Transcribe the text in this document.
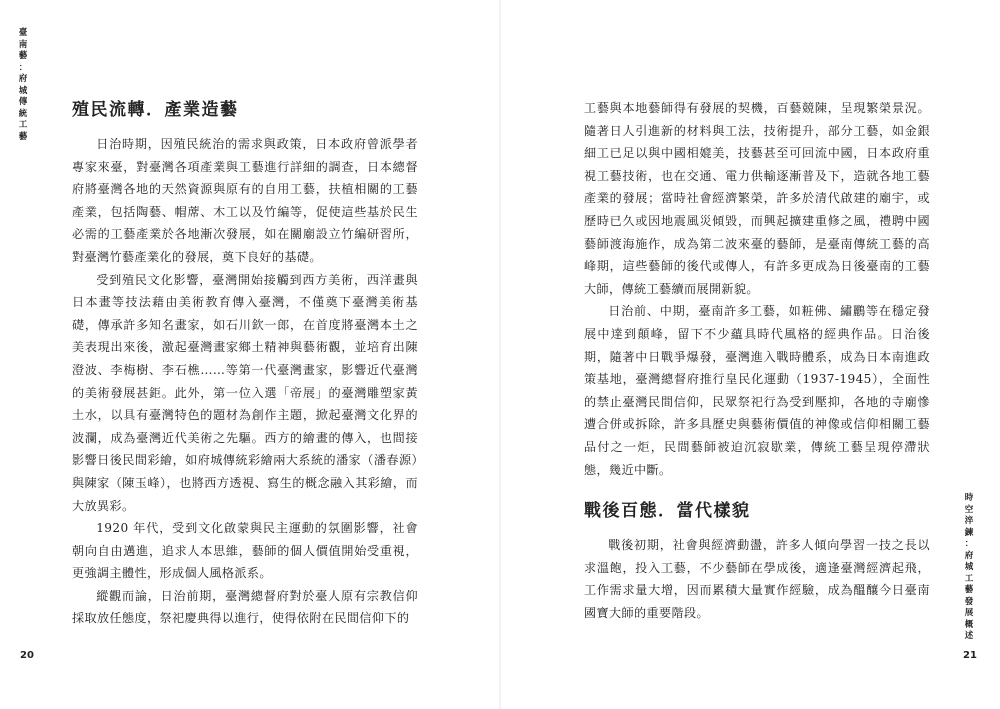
臺
南
藝
：
府
城
傳
統
工
藝
殖民流轉．產業造藝

日治時期，因殖民統治的需求與政策，日本政府曾派學者專家來臺，對臺灣各項產業與工藝進行詳細的調查，日本總督府將臺灣各地的天然資源與原有的自用工藝，扶植相關的工藝產業，包括陶藝、帽蓆、木工以及竹編等，促使這些基於民生必需的工藝產業於各地漸次發展，如在關廟設立竹編研習所，對臺灣竹藝產業化的發展，奠下良好的基礎。

受到殖民文化影響，臺灣開始接觸到西方美術，西洋畫與日本畫等技法藉由美術教育傳入臺灣，不僅奠下臺灣美術基礎，傳承許多知名畫家，如石川欽一郎，在首度將臺灣本土之美表現出來後，激起臺灣畫家鄉土精神與藝術觀，並培育出陳澄波、李梅樹、李石樵……等第一代臺灣畫家，影響近代臺灣的美術發展甚鉅。此外，第一位入選「帝展」的臺灣雕塑家黃土水，以具有臺灣特色的題材為創作主題，掀起臺灣文化界的波瀾，成為臺灣近代美術之先驅。西方的繪畫的傳入，也間接影響日後民間彩繪，如府城傳統彩繪兩大系統的潘家（潘春源）與陳家（陳玉峰），也將西方透視、寫生的概念融入其彩繪，而大放異彩。

1920 年代，受到文化啟蒙與民主運動的氛圍影響，社會朝向自由邁進，追求人本思維，藝師的個人價值開始受重視，更強調主體性，形成個人風格派系。

縱觀而論，日治前期，臺灣總督府對於臺人原有宗教信仰採取放任態度，祭祀慶典得以進行，使得依附在民間信仰下的

20

工藝與本地藝師得有發展的契機，百藝競陳，呈現繁榮景況。隨著日人引進新的材料與工法，技術提升，部分工藝，如金銀細工已足以與中國相媲美，技藝甚至可回流中國，日本政府重視工藝技術，也在交通、電力供輸逐漸普及下，造就各地工藝產業的發展；當時社會經濟繁榮，許多於清代啟建的廟宇，或歷時已久或因地震風災傾毀，而興起擴建重修之風，禮聘中國藝師渡海施作，成為第二波來臺的藝師，是臺南傳統工藝的高峰期，這些藝師的後代或傳人，有許多更成為日後臺南的工藝大師，傳統工藝續而展開新貌。

日治前、中期，臺南許多工藝，如粧佛、繡鸝等在穩定發展中達到顛峰，留下不少蘊具時代風格的經典作品。日治後期，隨著中日戰爭爆發，臺灣進入戰時體系，成為日本南進政策基地，臺灣總督府推行皇民化運動（1937-1945），全面性的禁止臺灣民間信仰，民眾祭祀行為受到壓抑，各地的寺廟慘遭合併或拆除，許多具歷史與藝術價值的神像或信仰相關工藝品付之一炬，民間藝師被迫沉寂歇業，傳統工藝呈現停滯狀態，幾近中斷。

戰後百態．當代樣貌

戰後初期，社會與經濟動盪，許多人傾向學習一技之長以求溫飽，投入工藝，不少藝師在學成後，適逢臺灣經濟起飛，工作需求量大增，因而累積大量實作經驗，成為醞釀今日臺南國寶大師的重要階段。

時
空
淬
鍊
：
府
城
工
藝
發
展
概
述
21
